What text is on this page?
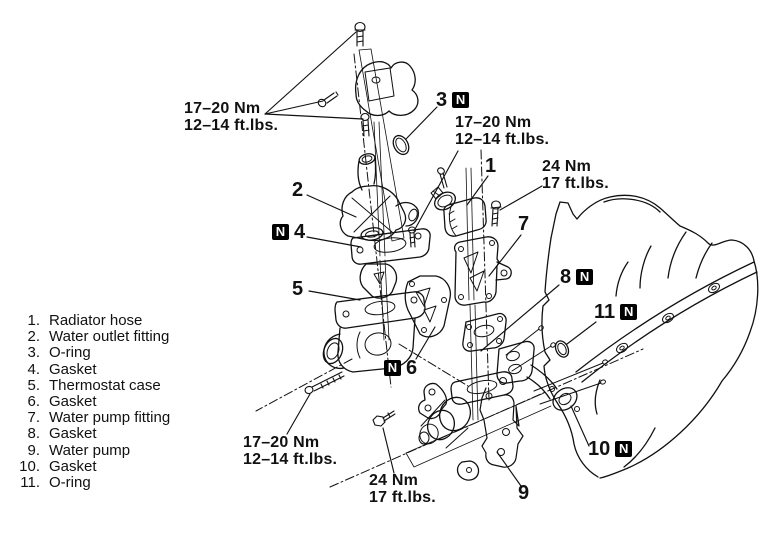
17–20 Nm
12–14 ft.lbs.	17–20 Nm
12–14 ft.lbs.
24 Nm
17 ft.lbs.
17–20 Nm
12–14 ft.lbs.
24 Nm
17 ft.lbs.
3 N
1
2
N 4	7
8 N
5
11 N
N 6
10 N
9
1. Radiator hose
2. Water outlet fitting
3. O-ring
4. Gasket
5. Thermostat case
6. Gasket
7. Water pump fitting
8. Gasket
9. Water pump
10. Gasket
11. O-ring
